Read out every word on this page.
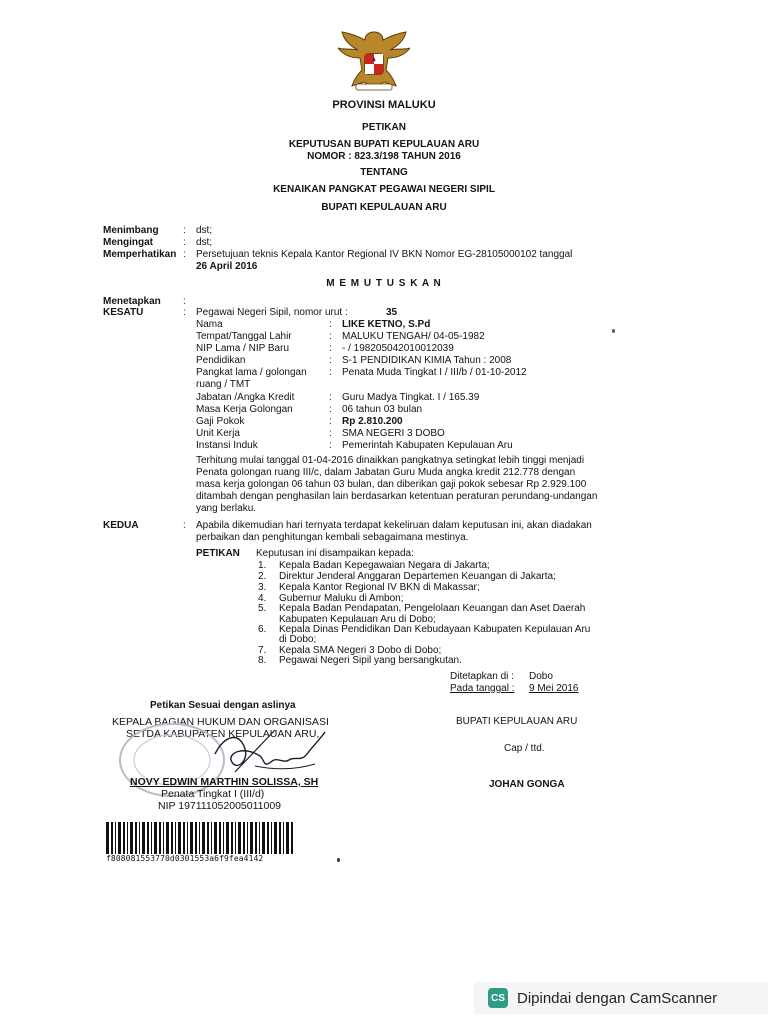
PROVINSI MALUKU
PETIKAN
KEPUTUSAN BUPATI KEPULAUAN ARU
NOMOR : 823.3/198 TAHUN 2016
TENTANG
KENAIKAN PANGKAT PEGAWAI NEGERI SIPIL
BUPATI KEPULAUAN ARU
Menimbang : dst;
Mengingat	: dst;
Memperhatikan : Persetujuan teknis Kepala Kantor Regional IV BKN Nomor EG-28105000102 tanggal
26 April 2016
M E M U T U S K A N
Menetapkan :
KESATU	: Pegawai Negeri Sipil, nomor urut :	35
Nama	: LIKE KETNO, S.Pd
Tempat/Tanggal Lahir	: MALUKU TENGAH/ 04-05-1982
NIP Lama / NIP Baru	: - / 198205042010012039
Pendidikan	: S-1 PENDIDIKAN KIMIA Tahun : 2008
Pangkat lama / golongan : Penata Muda Tingkat I / III/b / 01-10-2012
ruang / TMT
Jabatan /Angka Kredit	: Guru Madya Tingkat. I / 165.39
Masa Kerja Golongan	: 06 tahun 03 bulan
Gaji Pokok	: Rp 2.810.200
Unit Kerja	: SMA NEGERI 3 DOBO
Instansi Induk	: Pemerintah Kabupaten Kepulauan Aru
Terhitung mulai tanggal 01-04-2016 dinaikkan pangkatnya setingkat lebih tinggi menjadi
Penata golongan ruang III/c, dalam Jabatan Guru Muda angka kredit 212.778 dengan
masa kerja golongan 06 tahun 03 bulan, dan diberikan gaji pokok sebesar Rp 2.929.100
ditambah dengan penghasilan lain berdasarkan ketentuan peraturan perundang-undangan
yang berlaku.
KEDUA	: Apabila dikemudian hari ternyata terdapat kekeliruan dalam keputusan ini, akan diadakan
perbaikan dan penghitungan kembali sebagaimana mestinya.
PETIKAN Keputusan ini disampaikan kepada:
1. Kepala Badan Kepegawaian Negara di Jakarta;
2. Direktur Jenderal Anggaran Departemen Keuangan di Jakarta;
3. Kepala Kantor Regional IV BKN di Makassar;
4. Gubernur Maluku di Ambon;
5. Kepala Badan Pendapatan, Pengelolaan Keuangan dan Aset Daerah
Kabupaten Kepulauan Aru di Dobo;
6. Kepala Dinas Pendidikan Dan Kebudayaan Kabupaten Kepulauan Aru
di Dobo;
7. Kepala SMA Negeri 3 Dobo di Dobo;
8. Pegawai Negeri Sipil yang bersangkutan.
Ditetapkan di : Dobo
Pada tanggal : 9 Mei 2016
Petikan Sesuai dengan aslinya
KEPALA BAGIAN HUKUM DAN ORGANISASI
SETDA KABUPATEN KEPULAUAN ARU,
NOVY EDWIN MARTHIN SOLISSA, SH
Penata Tingkat I (III/d)
NIP 197111052005011009
BUPATI KEPULAUAN ARU
Cap / ttd.
JOHAN GONGA
f808081553770d0301553a6f9fea4142
CS Dipindai dengan CamScanner
